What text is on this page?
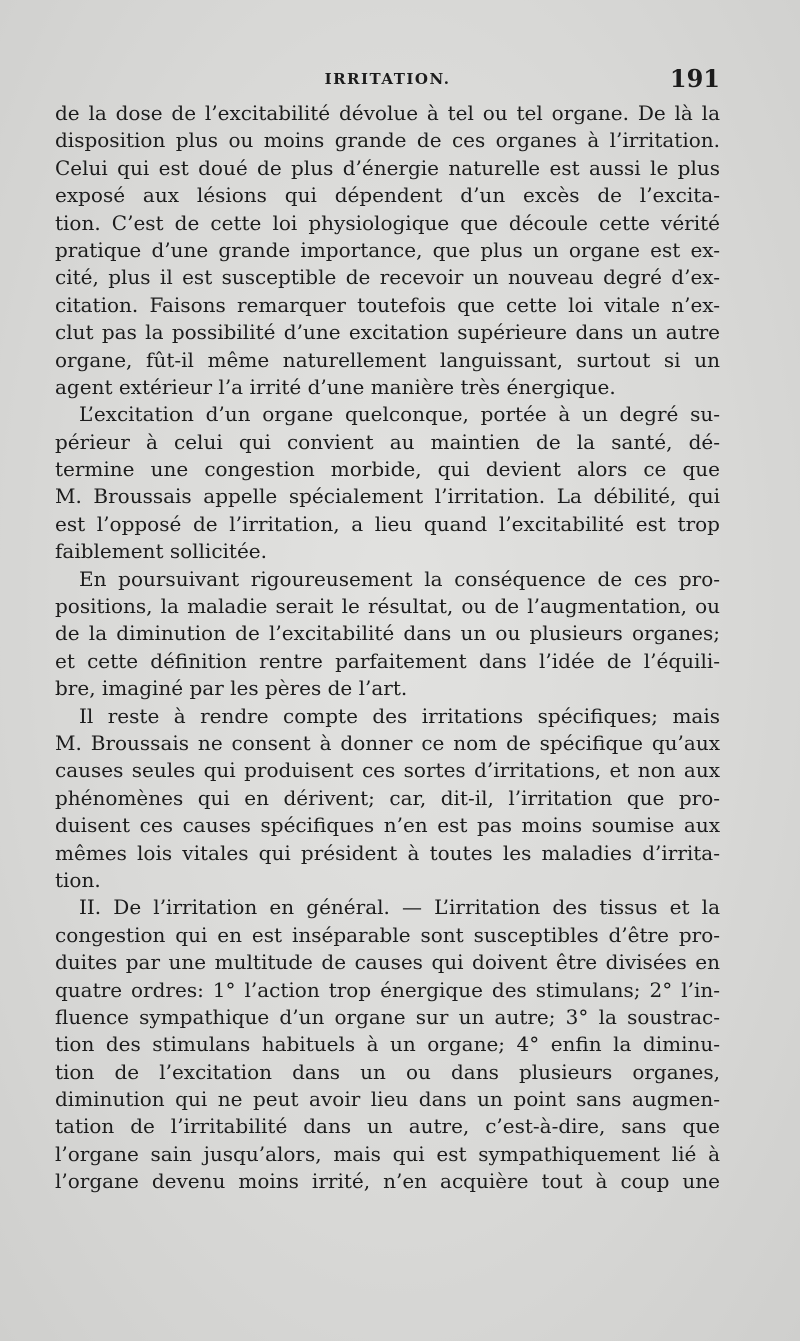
IRRITATION.	191
de la dose de l’excitabilité dévolue à tel ou tel organe. De là la
disposition plus ou moins grande de ces organes à l’irritation.
Celui qui est doué de plus d’énergie naturelle est aussi le plus
exposé aux lésions qui dépendent d’un excès de l’excita-
tion. C’est de cette loi physiologique que découle cette vérité
pratique d’une grande importance, que plus un organe est ex-
cité, plus il est susceptible de recevoir un nouveau degré d’ex-
citation. Faisons remarquer toutefois que cette loi vitale n’ex-
clut pas la possibilité d’une excitation supérieure dans un autre
organe, fût-il même naturellement languissant, surtout si un
agent extérieur l’a irrité d’une manière très énergique.
L’excitation d’un organe quelconque, portée à un degré su-
périeur à celui qui convient au maintien de la santé, dé-
termine une congestion morbide, qui devient alors ce que
M. Broussais appelle spécialement l’irritation. La débilité, qui
est l’opposé de l’irritation, a lieu quand l’excitabilité est trop
faiblement sollicitée.
En poursuivant rigoureusement la conséquence de ces pro-
positions, la maladie serait le résultat, ou de l’augmentation, ou
de la diminution de l’excitabilité dans un ou plusieurs organes;
et cette définition rentre parfaitement dans l’idée de l’équili-
bre, imaginé par les pères de l’art.
Il reste à rendre compte des irritations spécifiques; mais
M. Broussais ne consent à donner ce nom de spécifique qu’aux
causes seules qui produisent ces sortes d’irritations, et non aux
phénomènes qui en dérivent; car, dit-il, l’irritation que pro-
duisent ces causes spécifiques n’en est pas moins soumise aux
mêmes lois vitales qui président à toutes les maladies d’irrita-
tion.
II. De l’irritation en général. — L’irritation des tissus et la
congestion qui en est inséparable sont susceptibles d’être pro-
duites par une multitude de causes qui doivent être divisées en
quatre ordres: 1° l’action trop énergique des stimulans; 2° l’in-
fluence sympathique d’un organe sur un autre; 3° la soustrac-
tion des stimulans habituels à un organe; 4° enfin la diminu-
tion de l’excitation dans un ou dans plusieurs organes,
diminution qui ne peut avoir lieu dans un point sans augmen-
tation de l’irritabilité dans un autre, c’est-à-dire, sans que
l’organe sain jusqu’alors, mais qui est sympathiquement lié à
l’organe devenu moins irrité, n’en acquière tout à coup une
